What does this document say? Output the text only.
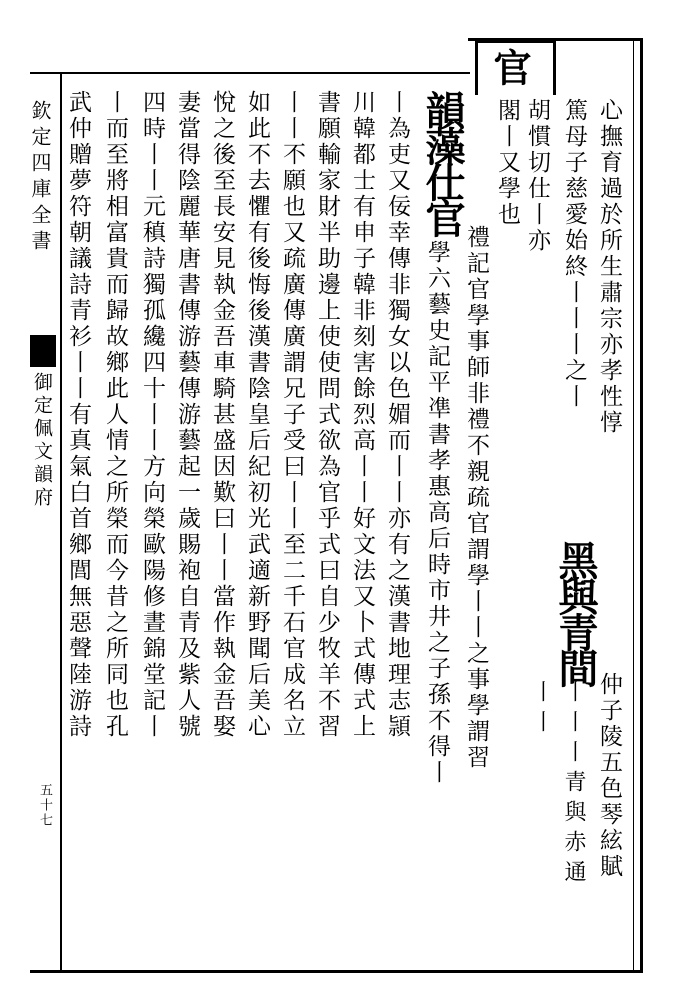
欽定四庫全書
御定佩文韻府
五十七
官
心撫育過於所生肅宗亦孝性惇
篤母子慈愛始終丨丨丨之丨
胡慣切仕丨亦
閣丨又學也
韻藻仕官
禮記官學事師非禮不親疏官謂學丨丨之事學謂習
學六藝史記平凖書孝惠高后時市井之子孫不得丨
丨為吏又佞幸傳非獨女以色媚而丨丨亦有之漢書地理志頴
川韓都士有申子韓非刻害餘烈高丨丨好文法又卜式傳式上
書願輸家財半助邊上使使問式欲為官乎式曰自少牧羊不習
丨丨不願也又疏廣傳廣謂兄子受曰丨丨至二千石官成名立
如此不去懼有後悔後漢書陰皇后紀初光武適新野聞后美心
悅之後至長安見執金吾車騎甚盛因歎曰丨丨當作執金吾娶
妻當得陰麗華唐書傳游藝傳游藝起一歲賜袍自青及紫人號
四時丨丨元稹詩獨孤纔四十丨丨方向榮歐陽修晝錦堂記丨
丨而至將相富貴而歸故鄉此人情之所榮而今昔之所同也孔
武仲贈夢符朝議詩青衫丨丨有真氣白首鄉閭無惡聲陸游詩	黑與青間
仲子陵五色琴絃賦
丨丨丨青與赤通
丨丨
